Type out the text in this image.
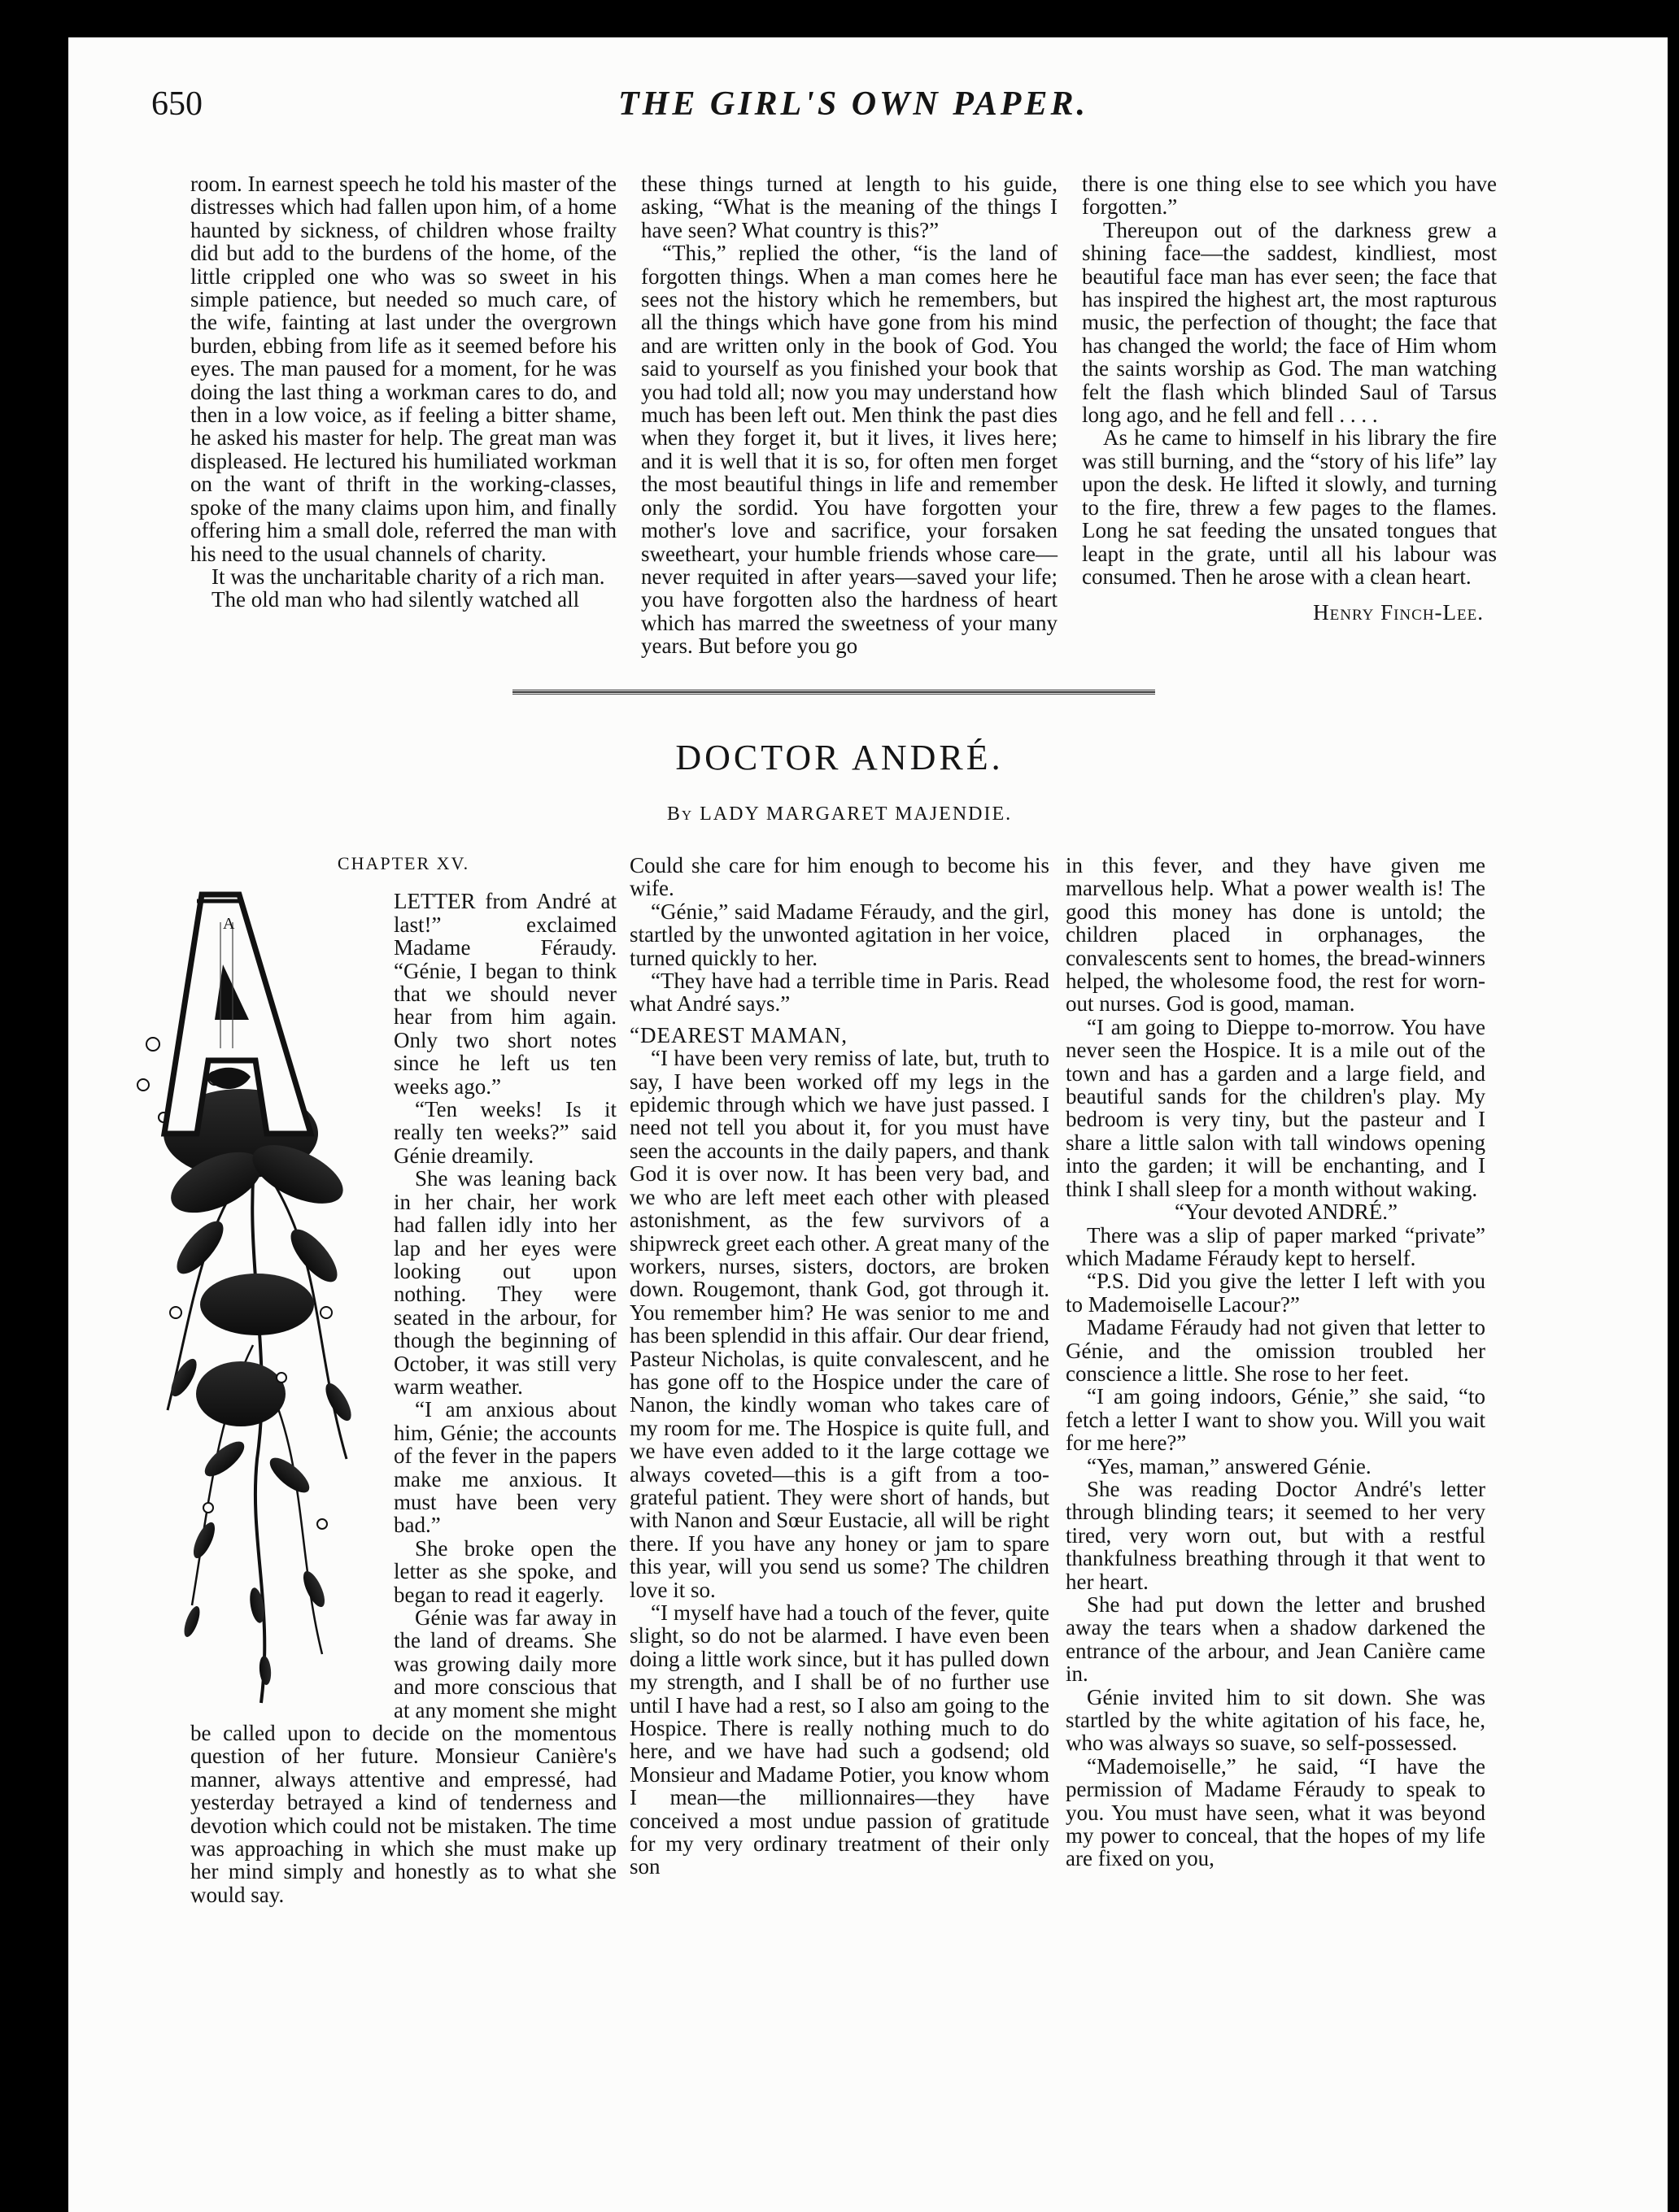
650	THE GIRL'S OWN PAPER.

room. In earnest speech he told his master of the distresses which had fallen upon him, of a home haunted by sickness, of children whose frailty did but add to the burdens of the home, of the little crippled one who was so sweet in his simple patience, but needed so much care, of the wife, fainting at last under the overgrown burden, ebbing from life as it seemed before his eyes. The man paused for a moment, for he was doing the last thing a workman cares to do, and then in a low voice, as if feeling a bitter shame, he asked his master for help. The great man was displeased. He lectured his humiliated workman on the want of thrift in the working-classes, spoke of the many claims upon him, and finally offering him a small dole, referred the man with his need to the usual channels of charity.

It was the uncharitable charity of a rich man.

The old man who had silently watched all

these things turned at length to his guide, asking, “What is the meaning of the things I have seen? What country is this?”

“This,” replied the other, “is the land of forgotten things. When a man comes here he sees not the history which he remembers, but all the things which have gone from his mind and are written only in the book of God. You said to yourself as you finished your book that you had told all; now you may understand how much has been left out. Men think the past dies when they forget it, but it lives, it lives here; and it is well that it is so, for often men forget the most beautiful things in life and remember only the sordid. You have forgotten your mother's love and sacrifice, your forsaken sweetheart, your humble friends whose care—never requited in after years—saved your life; you have forgotten also the hardness of heart which has marred the sweetness of your many years. But before you go

there is one thing else to see which you have forgotten.”

Thereupon out of the darkness grew a shining face—the saddest, kindliest, most beautiful face man has ever seen; the face that has inspired the highest art, the most rapturous music, the perfection of thought; the face that has changed the world; the face of Him whom the saints worship as God. The man watching felt the flash which blinded Saul of Tarsus long ago, and he fell and fell . . . .

As he came to himself in his library the fire was still burning, and the “story of his life” lay upon the desk. He lifted it slowly, and turning to the fire, threw a few pages to the flames. Long he sat feeding the unsated tongues that leapt in the grate, until all his labour was consumed. Then he arose with a clean heart.

Henry Finch-Lee.
DOCTOR ANDRÉ.
By LADY MARGARET MAJENDIE.
CHAPTER XV.
A

LETTER from André at last!” exclaimed Madame Féraudy. “Génie, I began to think that we should never hear from him again. Only two short notes since he left us ten weeks ago.”

“Ten weeks! Is it really ten weeks?” said Génie dreamily.

She was leaning back in her chair, her work had fallen idly into her lap and her eyes were looking out upon nothing. They were seated in the arbour, for though the beginning of October, it was still very warm weather.

“I am anxious about him, Génie; the accounts of the fever in the papers make me anxious. It must have been very bad.”

She broke open the letter as she spoke, and began to read it eagerly.

Génie was far away in the land of dreams. She was growing daily more and more conscious that at any moment she might be called upon to decide on the momentous question of her future. Monsieur Canière's manner, always attentive and empressé, had yesterday betrayed a kind of tenderness and devotion which could not be mistaken. The time was approaching in which she must make up her mind simply and honestly as to what she would say.

Could she care for him enough to become his wife.

“Génie,” said Madame Féraudy, and the girl, startled by the unwonted agitation in her voice, turned quickly to her.

“They have had a terrible time in Paris. Read what André says.”

“DEAREST MAMAN,

“I have been very remiss of late, but, truth to say, I have been worked off my legs in the epidemic through which we have just passed. I need not tell you about it, for you must have seen the accounts in the daily papers, and thank God it is over now. It has been very bad, and we who are left meet each other with pleased astonishment, as the few survivors of a shipwreck greet each other. A great many of the workers, nurses, sisters, doctors, are broken down. Rougemont, thank God, got through it. You remember him? He was senior to me and has been splendid in this affair. Our dear friend, Pasteur Nicholas, is quite convalescent, and he has gone off to the Hospice under the care of Nanon, the kindly woman who takes care of my room for me. The Hospice is quite full, and we have even added to it the large cottage we always coveted—this is a gift from a too-grateful patient. They were short of hands, but with Nanon and Sœur Eustacie, all will be right there. If you have any honey or jam to spare this year, will you send us some? The children love it so.

“I myself have had a touch of the fever, quite slight, so do not be alarmed. I have even been doing a little work since, but it has pulled down my strength, and I shall be of no further use until I have had a rest, so I also am going to the Hospice. There is really nothing much to do here, and we have had such a godsend; old Monsieur and Madame Potier, you know whom I mean—the millionnaires—they have conceived a most undue passion of gratitude for my very ordinary treatment of their only son

in this fever, and they have given me marvellous help. What a power wealth is! The good this money has done is untold; the children placed in orphanages, the convalescents sent to homes, the bread-winners helped, the wholesome food, the rest for worn-out nurses. God is good, maman.

“I am going to Dieppe to-morrow. You have never seen the Hospice. It is a mile out of the town and has a garden and a large field, and beautiful sands for the children's play. My bedroom is very tiny, but the pasteur and I share a little salon with tall windows opening into the garden; it will be enchanting, and I think I shall sleep for a month without waking.

“Your devoted ANDRÉ.”

There was a slip of paper marked “private” which Madame Féraudy kept to herself.

“P.S. Did you give the letter I left with you to Mademoiselle Lacour?”

Madame Féraudy had not given that letter to Génie, and the omission troubled her conscience a little. She rose to her feet.

“I am going indoors, Génie,” she said, “to fetch a letter I want to show you. Will you wait for me here?”

“Yes, maman,” answered Génie.

She was reading Doctor André's letter through blinding tears; it seemed to her very tired, very worn out, but with a restful thankfulness breathing through it that went to her heart.

She had put down the letter and brushed away the tears when a shadow darkened the entrance of the arbour, and Jean Canière came in.

Génie invited him to sit down. She was startled by the white agitation of his face, he, who was always so suave, so self-possessed.

“Mademoiselle,” he said, “I have the permission of Madame Féraudy to speak to you. You must have seen, what it was beyond my power to conceal, that the hopes of my life are fixed on you,
